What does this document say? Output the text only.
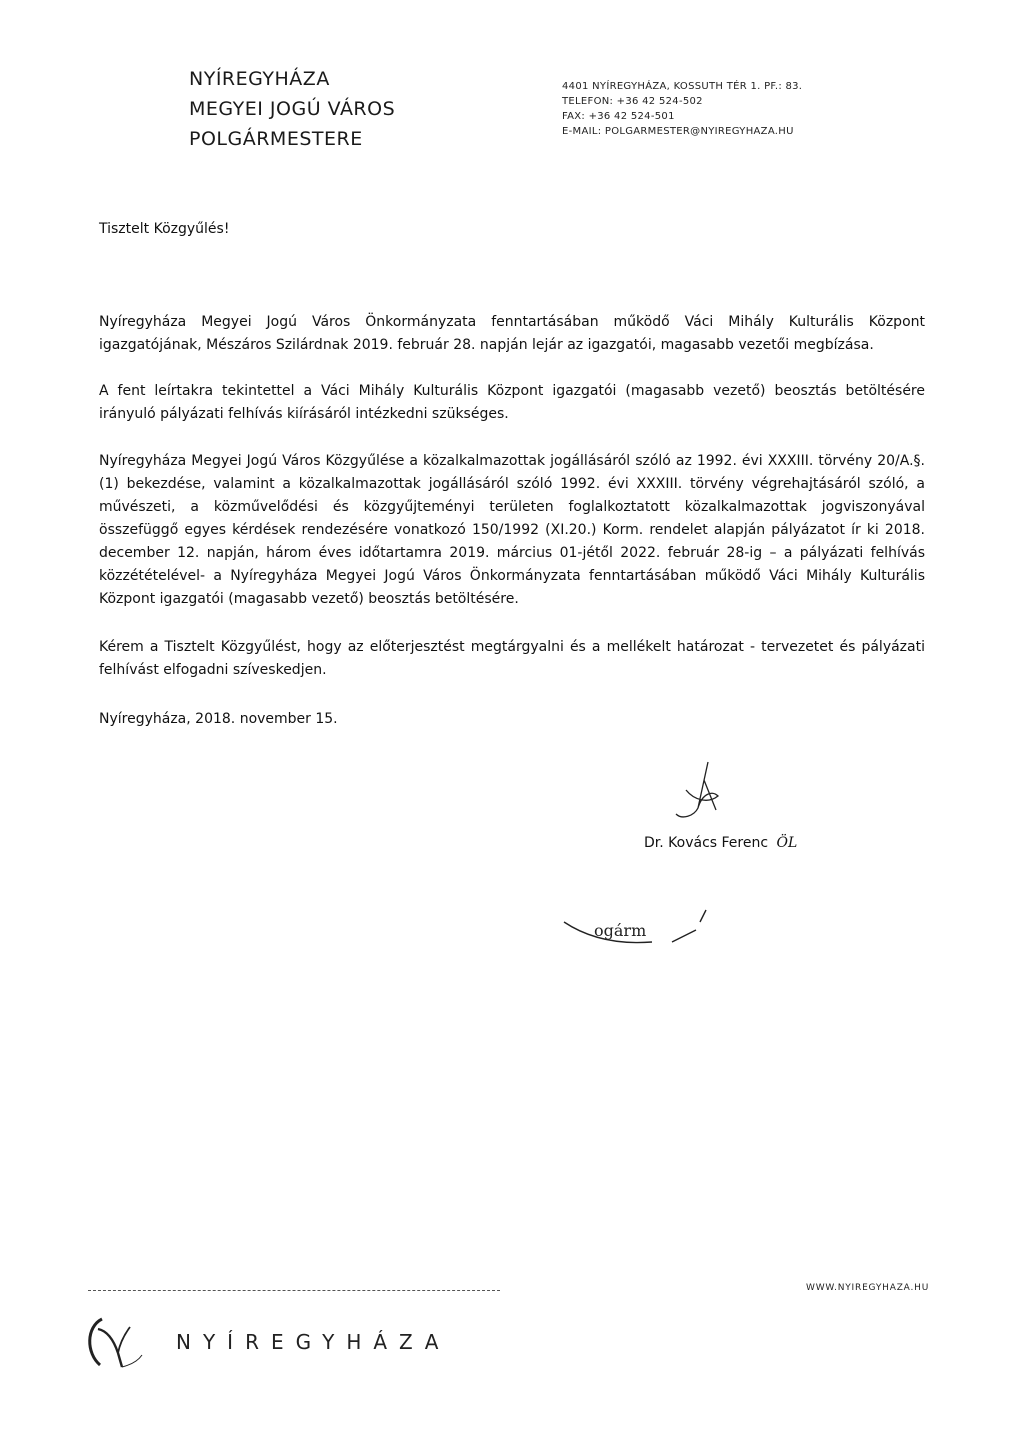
NYÍREGYHÁZA
MEGYEI JOGÚ VÁROS
POLGÁRMESTERE
4401 NYÍREGYHÁZA, KOSSUTH TÉR 1. PF.: 83.
TELEFON: +36 42 524-502
FAX: +36 42 524-501
E-MAIL: POLGARMESTER@NYIREGYHAZA.HU
Tisztelt Közgyűlés!

Nyíregyháza Megyei Jogú Város Önkormányzata fenntartásában működő Váci Mihály Kulturális Központ igazgatójának, Mészáros Szilárdnak 2019. február 28. napján lejár az igazgatói, magasabb vezetői megbízása.

A fent leírtakra tekintettel a Váci Mihály Kulturális Központ igazgatói (magasabb vezető) beosztás betöltésére irányuló pályázati felhívás kiírásáról intézkedni szükséges.

Nyíregyháza Megyei Jogú Város Közgyűlése a közalkalmazottak jogállásáról szóló az 1992. évi XXXIII. törvény 20/A.§. (1) bekezdése, valamint a közalkalmazottak jogállásáról szóló 1992. évi XXXIII. törvény végrehajtásáról szóló, a művészeti, a közművelődési és közgyűjteményi területen foglalkoztatott közalkalmazottak jogviszonyával összefüggő egyes kérdések rendezésére vonatkozó 150/1992 (XI.20.) Korm. rendelet alapján pályázatot ír ki 2018. december 12. napján, három éves időtartamra 2019. március 01-jétől 2022. február 28-ig – a pályázati felhívás közzétételével- a Nyíregyháza Megyei Jogú Város Önkormányzata fenntartásában működő Váci Mihály Kulturális Központ igazgatói (magasabb vezető) beosztás betöltésére.

Kérem a Tisztelt Közgyűlést, hogy az előterjesztést megtárgyalni és a mellékelt határozat - tervezetet és pályázati felhívást elfogadni szíveskedjen.

Nyíregyháza, 2018. november 15.
Dr. Kovács Ferenc ÖL
ogárm
WWW.NYIREGYHAZA.HU
NYÍREGYHÁZA
